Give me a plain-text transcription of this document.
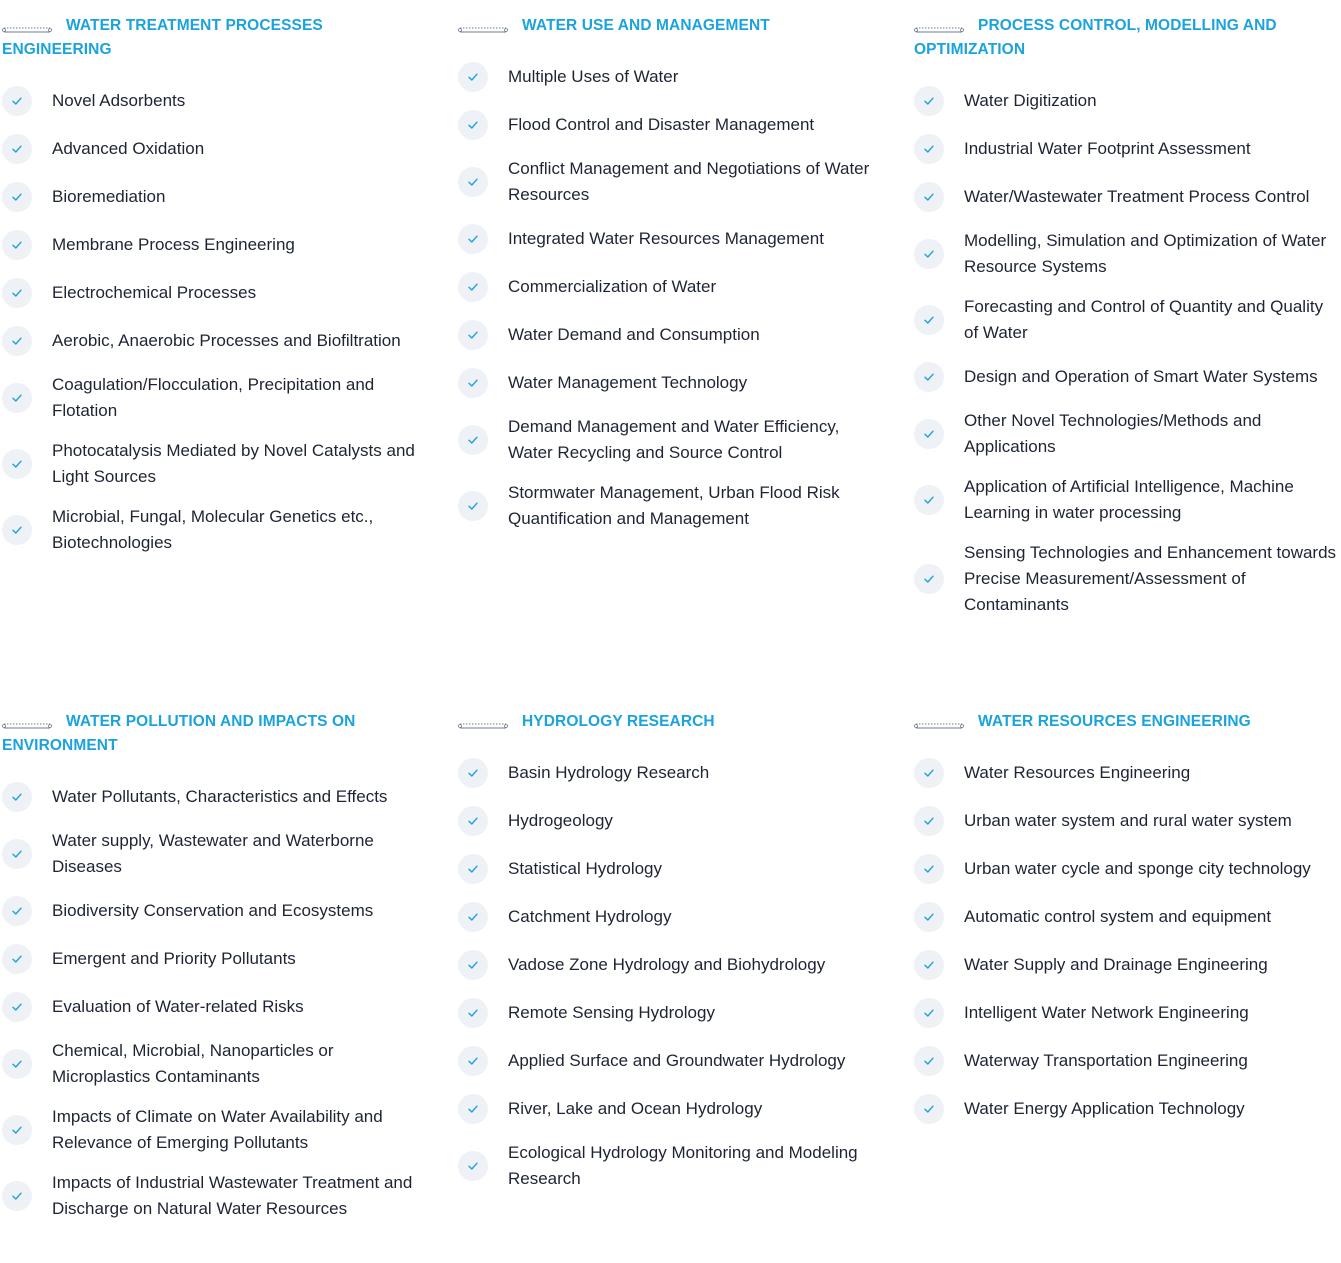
WATER TREATMENT PROCESSES ENGINEERING
Novel Adsorbents
Advanced Oxidation
Bioremediation
Membrane Process Engineering
Electrochemical Processes
Aerobic, Anaerobic Processes and Biofiltration
Coagulation/Flocculation, Precipitation and Flotation
Photocatalysis Mediated by Novel Catalysts and Light Sources
Microbial, Fungal, Molecular Genetics etc., Biotechnologies
WATER USE AND MANAGEMENT
Multiple Uses of Water
Flood Control and Disaster Management
Conflict Management and Negotiations of Water Resources
Integrated Water Resources Management
Commercialization of Water
Water Demand and Consumption
Water Management Technology
Demand Management and Water Efficiency, Water Recycling and Source Control
Stormwater Management, Urban Flood Risk Quantification and Management
PROCESS CONTROL, MODELLING AND OPTIMIZATION
Water Digitization
Industrial Water Footprint Assessment
Water/Wastewater Treatment Process Control
Modelling, Simulation and Optimization of Water Resource Systems
Forecasting and Control of Quantity and Quality of Water
Design and Operation of Smart Water Systems
Other Novel Technologies/Methods and Applications
Application of Artificial Intelligence, Machine Learning in water processing
Sensing Technologies and Enhancement towards Precise Measurement/Assessment of Contaminants
WATER POLLUTION AND IMPACTS ON ENVIRONMENT
Water Pollutants, Characteristics and Effects
Water supply, Wastewater and Waterborne Diseases
Biodiversity Conservation and Ecosystems
Emergent and Priority Pollutants
Evaluation of Water-related Risks
Chemical, Microbial, Nanoparticles or Microplastics Contaminants
Impacts of Climate on Water Availability and Relevance of Emerging Pollutants
Impacts of Industrial Wastewater Treatment and Discharge on Natural Water Resources
HYDROLOGY RESEARCH
Basin Hydrology Research
Hydrogeology
Statistical Hydrology
Catchment Hydrology
Vadose Zone Hydrology and Biohydrology
Remote Sensing Hydrology
Applied Surface and Groundwater Hydrology
River, Lake and Ocean Hydrology
Ecological Hydrology Monitoring and Modeling Research
WATER RESOURCES ENGINEERING
Water Resources Engineering
Urban water system and rural water system
Urban water cycle and sponge city technology
Automatic control system and equipment
Water Supply and Drainage Engineering
Intelligent Water Network Engineering
Waterway Transportation Engineering
Water Energy Application Technology
